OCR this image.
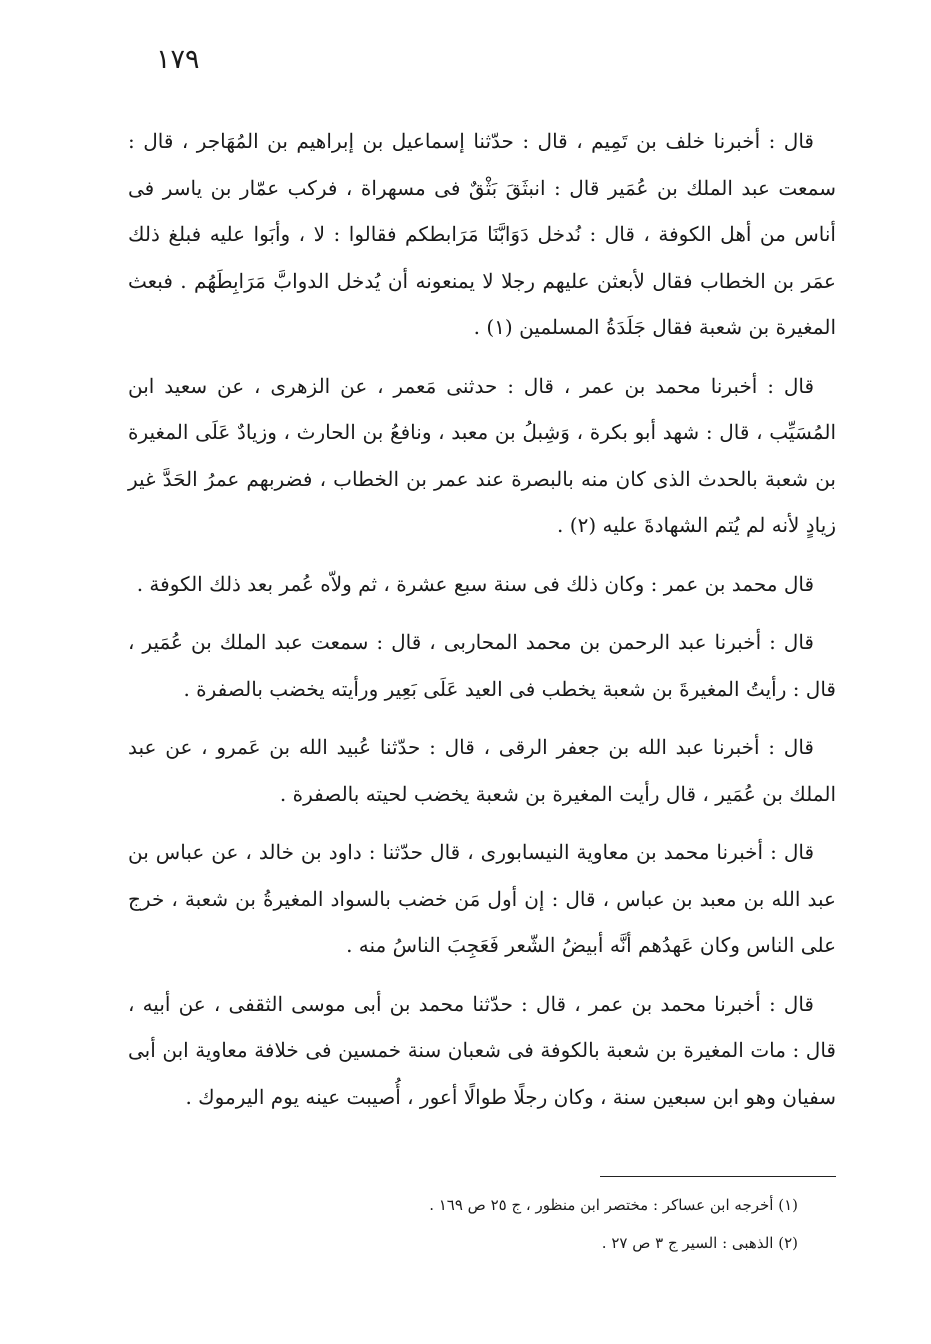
١٧٩

قال : أخبرنا خلف بن تَمِيم ، قال : حدّثنا إسماعيل بن إبراهيم بن المُهَاجر ، قال : سمعت عبد الملك بن عُمَير قال : انبثَقَ بَثْقٌ فى مسهراة ، فركب عمّار بن ياسر فى أناس من أهل الكوفة ، قال : نُدخل دَوَابَّنَا مَرَابطكم فقالوا : لا ، وأبَوا عليه فبلغ ذلك عمَر بن الخطاب فقال لأبعثن عليهم رجلا لا يمنعونه أن يُدخل الدوابَّ مَرَابِطَهُم . فبعث المغيرة بن شعبة فقال جَلَدَةُ المسلمين (١) .

قال : أخبرنا محمد بن عمر ، قال : حدثنى مَعمر ، عن الزهرى ، عن سعيد ابن المُسَيِّب ، قال : شهد أبو بكرة ، وَشِبلُ بن معبد ، ونافعُ بن الحارث ، وزيادٌ عَلَى المغيرة بن شعبة بالحدث الذى كان منه بالبصرة عند عمر بن الخطاب ، فضربهم عمرُ الحَدَّ غير زيادٍ لأنه لم يُتم الشهادةَ عليه (٢) .

قال محمد بن عمر : وكان ذلك فى سنة سبع عشرة ، ثم ولاّه عُمر بعد ذلك الكوفة .

قال : أخبرنا عبد الرحمن بن محمد المحاربى ، قال : سمعت عبد الملك بن عُمَير ، قال : رأيتُ المغيرةَ بن شعبة يخطب فى العيد عَلَى بَعِير ورأيته يخضب بالصفرة .

قال : أخبرنا عبد الله بن جعفر الرقى ، قال : حدّثنا عُبيد الله بن عَمرو ، عن عبد الملك بن عُمَير ، قال رأيت المغيرة بن شعبة يخضب لحيته بالصفرة .

قال : أخبرنا محمد بن معاوية النيسابورى ، قال حدّثنا : داود بن خالد ، عن عباس بن عبد الله بن معبد بن عباس ، قال : إن أول مَن خضب بالسواد المغيرةُ بن شعبة ، خرج على الناس وكان عَهدُهم أنَّه أبيضُ الشّعر فَعَجِبَ الناسُ منه .

قال : أخبرنا محمد بن عمر ، قال : حدّثنا محمد بن أبى موسى الثقفى ، عن أبيه ، قال : مات المغيرة بن شعبة بالكوفة فى شعبان سنة خمسين فى خلافة معاوية ابن أبى سفيان وهو ابن سبعين سنة ، وكان رجلًا طوالًا أعور ، أُصيبت عينه يوم اليرموك .

(١) أخرجه ابن عساكر : مختصر ابن منظور ، ج ٢٥ ص ١٦٩ .

(٢) الذهبى : السير ج ٣ ص ٢٧ .
